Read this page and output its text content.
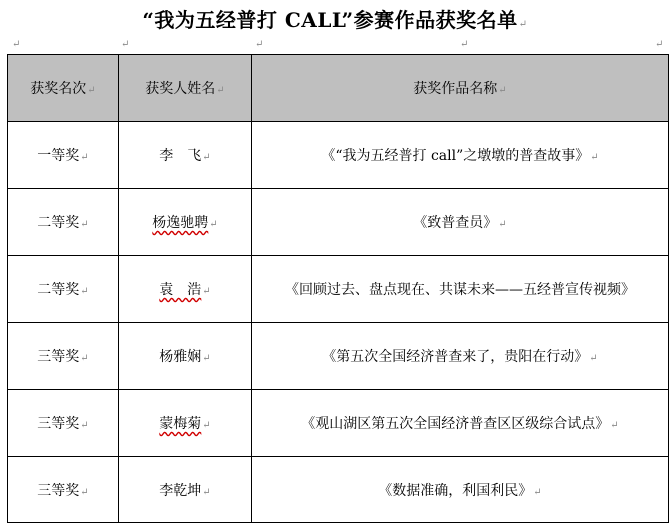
“我为五经普打 CALL”参赛作品获奖名单↵
↵	↵	↵	↵	↵
获奖名次↵	获奖人姓名↵	获奖作品名称↵
一等奖↵	李　飞↵	《“我为五经普打 call”之墩墩的普查故事》↵
二等奖↵	杨逸驰聘↵	《致普查员》↵
二等奖↵	袁　浩↵	《回顾过去、盘点现在、共谋未来——五经普宣传视频》
三等奖↵	杨雅娴↵	《第五次全国经济普查来了，贵阳在行动》↵
三等奖↵	蒙梅菊↵	《观山湖区第五次全国经济普查区区级综合试点》↵
三等奖↵	李乾坤↵	《数据准确，利国利民》↵
